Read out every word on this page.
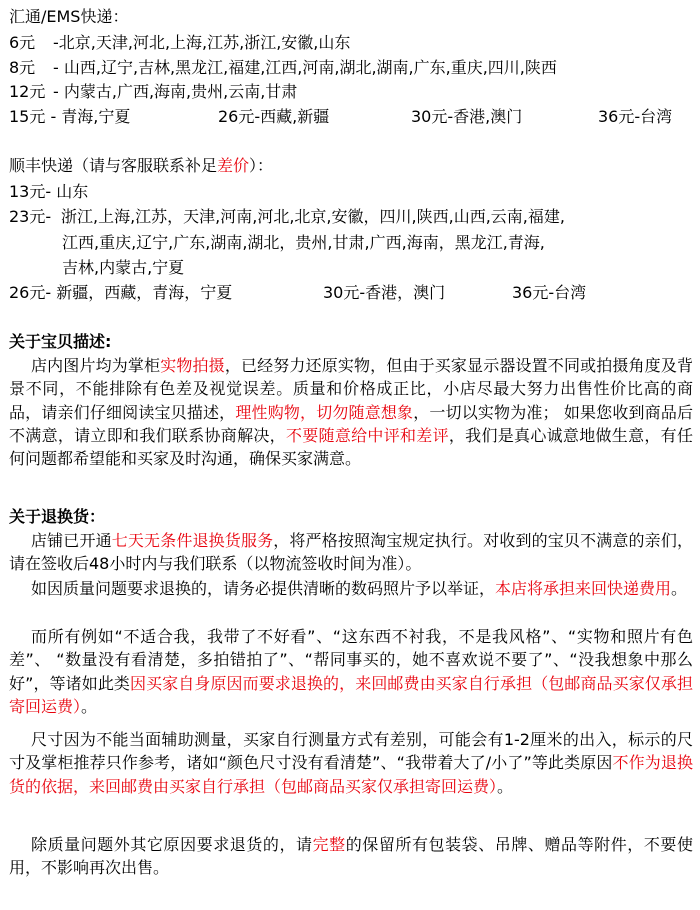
汇通/EMS快递：
6元 -北京,天津,河北,上海,江苏,浙江,安徽,山东
8元 - 山西,辽宁,吉林,黑龙江,福建,江西,河南,湖北,湖南,广东,重庆,四川,陕西
12元 - 内蒙古,广西,海南,贵州,云南,甘肃
15元 - 青海,宁夏	26元-西藏,新疆	30元-香港,澳门	36元-台湾
顺丰快递（请与客服联系补足差价）：
13元- 山东
23元- 浙江,上海,江苏，天津,河南,河北,北京,安徽，四川,陕西,山西,云南,福建,
江西,重庆,辽宁,广东,湖南,湖北，贵州,甘肃,广西,海南，黑龙江,青海,
吉林,内蒙古,宁夏
26元- 新疆，西藏，青海，宁夏	30元-香港，澳门	36元-台湾
关于宝贝描述:
店内图片均为掌柜实物拍摄，已经努力还原实物，但由于买家显示器设置不同或拍摄角度及背景不同，不能排除有色差及视觉误差。质量和价格成正比，小店尽最大努力出售性价比高的商品，请亲们仔细阅读宝贝描述，理性购物，切勿随意想象，一切以实物为准； 如果您收到商品后不满意，请立即和我们联系协商解决，不要随意给中评和差评，我们是真心诚意地做生意，有任何问题都希望能和买家及时沟通，确保买家满意。
关于退换货：
店铺已开通七天无条件退换货服务，将严格按照淘宝规定执行。对收到的宝贝不满意的亲们，请在签收后48小时内与我们联系（以物流签收时间为准）。
如因质量问题要求退换的，请务必提供清晰的数码照片予以举证，本店将承担来回快递费用。
而所有例如“不适合我，我带了不好看”、“这东西不衬我，不是我风格”、“实物和照片有色差”、 “数量没有看清楚，多拍错拍了”、“帮同事买的，她不喜欢说不要了”、“没我想象中那么好”，等诸如此类因买家自身原因而要求退换的，来回邮费由买家自行承担（包邮商品买家仅承担寄回运费）。
尺寸因为不能当面辅助测量，买家自行测量方式有差别，可能会有1-2厘米的出入，标示的尺寸及掌柜推荐只作参考，诸如“颜色尺寸没有看清楚”、“我带着大了/小了”等此类原因不作为退换货的依据，来回邮费由买家自行承担（包邮商品买家仅承担寄回运费）。
除质量问题外其它原因要求退货的，请完整的保留所有包装袋、吊牌、赠品等附件，不要使用，不影响再次出售。
